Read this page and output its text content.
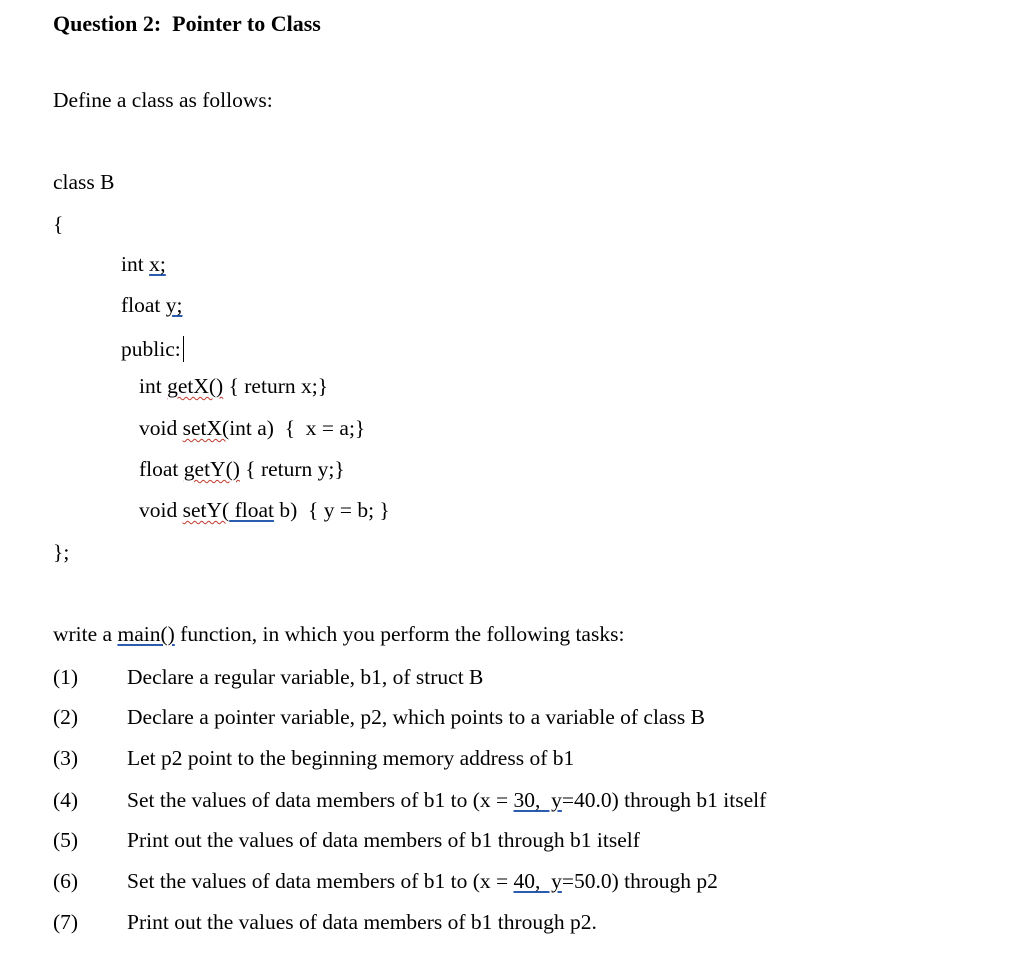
Question 2:  Pointer to Class
Define a class as follows:
class B
{
int x;
float y;
public:
int getX() { return x;}
void setX(int a)  {  x = a;}
float getY() { return y;}
void setY( float b)  { y = b; }
};
write a main() function, in which you perform the following tasks:
(1) Declare a regular variable, b1, of struct B
(2) Declare a pointer variable, p2, which points to a variable of class B
(3) Let p2 point to the beginning memory address of b1
(4) Set the values of data members of b1 to (x = 30,  y=40.0) through b1 itself
(5) Print out the values of data members of b1 through b1 itself
(6) Set the values of data members of b1 to (x = 40,  y=50.0) through p2
(7) Print out the values of data members of b1 through p2.
